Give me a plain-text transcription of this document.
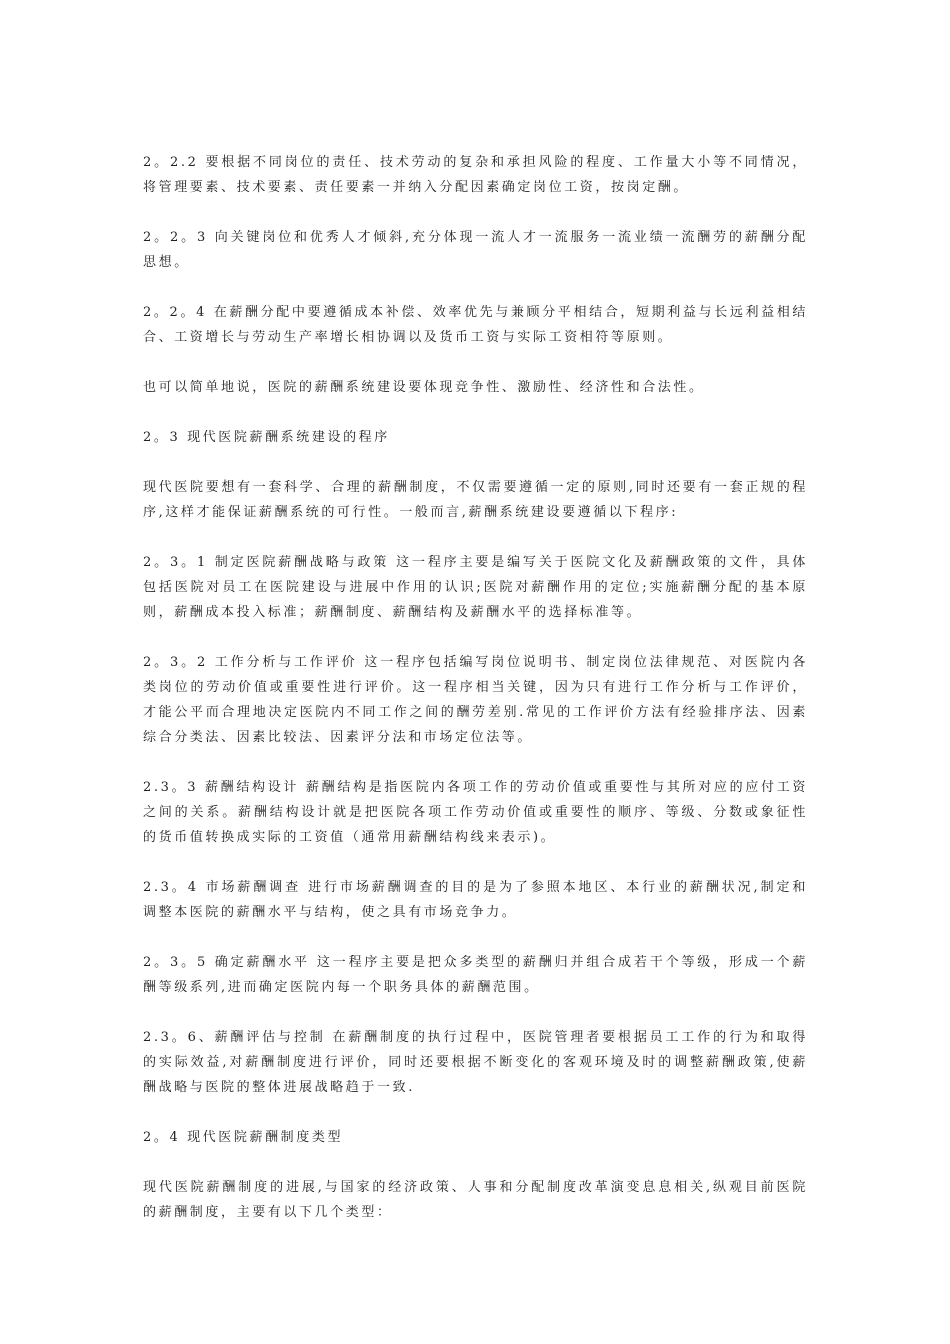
2。2.2 要根据不同岗位的责任、技术劳动的复杂和承担风险的程度、工作量大小等不同情况，将管理要素、技术要素、责任要素一并纳入分配因素确定岗位工资，按岗定酬。

2。2。3 向关键岗位和优秀人才倾斜,充分体现一流人才一流服务一流业绩一流酬劳的薪酬分配思想。

2。2。4 在薪酬分配中要遵循成本补偿、效率优先与兼顾分平相结合，短期利益与长远利益相结合、工资增长与劳动生产率增长相协调以及货币工资与实际工资相符等原则。

也可以简单地说，医院的薪酬系统建设要体现竞争性、激励性、经济性和合法性。

2。3 现代医院薪酬系统建设的程序

现代医院要想有一套科学、合理的薪酬制度，不仅需要遵循一定的原则,同时还要有一套正规的程序,这样才能保证薪酬系统的可行性。一般而言,薪酬系统建设要遵循以下程序:

2。3。1 制定医院薪酬战略与政策 这一程序主要是编写关于医院文化及薪酬政策的文件，具体包括医院对员工在医院建设与进展中作用的认识;医院对薪酬作用的定位;实施薪酬分配的基本原则，薪酬成本投入标准；薪酬制度、薪酬结构及薪酬水平的选择标准等。

2。3。2 工作分析与工作评价 这一程序包括编写岗位说明书、制定岗位法律规范、对医院内各类岗位的劳动价值或重要性进行评价。这一程序相当关键，因为只有进行工作分析与工作评价，才能公平而合理地决定医院内不同工作之间的酬劳差别.常见的工作评价方法有经验排序法、因素综合分类法、因素比较法、因素评分法和市场定位法等。

2.3。3 薪酬结构设计 薪酬结构是指医院内各项工作的劳动价值或重要性与其所对应的应付工资之间的关系。薪酬结构设计就是把医院各项工作劳动价值或重要性的顺序、等级、分数或象征性的货币值转换成实际的工资值（通常用薪酬结构线来表示)。

2.3。4 市场薪酬调查 进行市场薪酬调查的目的是为了参照本地区、本行业的薪酬状况,制定和调整本医院的薪酬水平与结构，使之具有市场竞争力。

2。3。5 确定薪酬水平 这一程序主要是把众多类型的薪酬归并组合成若干个等级，形成一个薪酬等级系列,进而确定医院内每一个职务具体的薪酬范围。

2.3。6、薪酬评估与控制 在薪酬制度的执行过程中，医院管理者要根据员工工作的行为和取得的实际效益,对薪酬制度进行评价，同时还要根据不断变化的客观环境及时的调整薪酬政策,使薪酬战略与医院的整体进展战略趋于一致.

2。4 现代医院薪酬制度类型

现代医院薪酬制度的进展,与国家的经济政策、人事和分配制度改革演变息息相关,纵观目前医院的薪酬制度，主要有以下几个类型：
